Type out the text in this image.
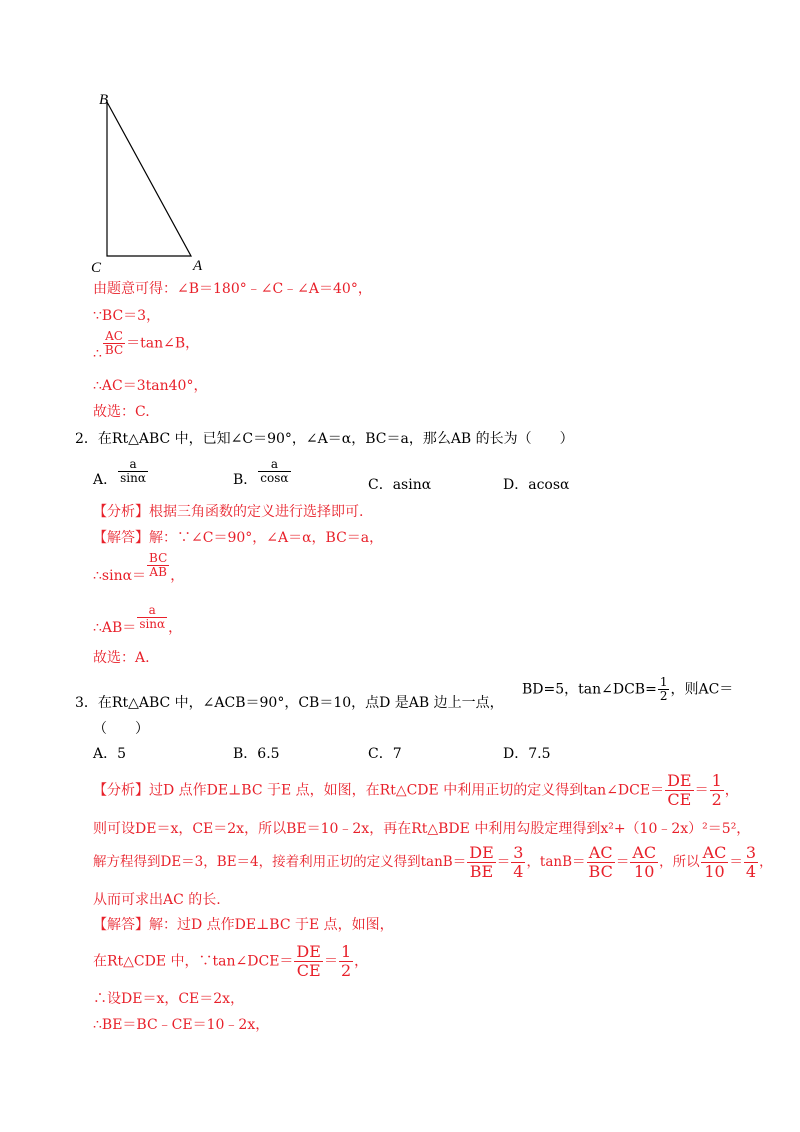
B
C	A
由题意可得：∠B＝180°﹣∠C﹣∠A＝40°，
∵BC＝3，
∴ $\frac{AC}{BC}$ ＝tan∠B，
∴AC＝3tan40°，
故选：C.
2．在Rt△ABC 中，已知∠C＝90°，∠A＝α，BC＝a，那么AB 的长为（　　）
A． $\frac{a}{\sin\alpha}$	B． $\frac{a}{\cos\alpha}$	C．asinα	D．acosα
【分析】根据三角函数的定义进行选择即可.
【解答】解：∵∠C＝90°，∠A＝α，BC＝a，
∴sinα＝ $\frac{BC}{AB}$ ，
∴AB＝ $\frac{a}{\sin\alpha}$ ，
故选：A.
3．在Rt△ABC 中，∠ACB＝90°，CB＝10，点D 是AB 边上一点，
BD=5，tan∠DCB= $\frac{1}{2}$ ，则AC＝
（　　）
A．5	B．6.5	C．7	D．7.5
【分析】过D 点作DE⊥BC 于E 点，如图，在Rt△CDE 中利用正切的定义得到tan∠DCE＝ $\frac{DE}{CE} = \frac{1}{2}$ ，
则可设DE＝x，CE＝2x，所以BE＝10﹣2x，再在Rt△BDE 中利用勾股定理得到x²+（10﹣2x）²＝5²，
解方程得到DE＝3，BE＝4，接着利用正切的定义得到$\tan B= \frac{DE}{BE} = \frac{3}{4}$ ，$\tan B= \frac{AC}{BC} = \frac{AC}{10}$ ，所以 $\frac{AC}{10} = \frac{3}{4}$ ，
从而可求出AC 的长.
【解答】解：过D 点作DE⊥BC 于E 点，如图，
在Rt△CDE 中，∵tan∠DCE＝ $\frac{DE}{CE} = \frac{1}{2}$ ，
∴设DE＝x，CE＝2x，
∴BE＝BC﹣CE＝10﹣2x，
